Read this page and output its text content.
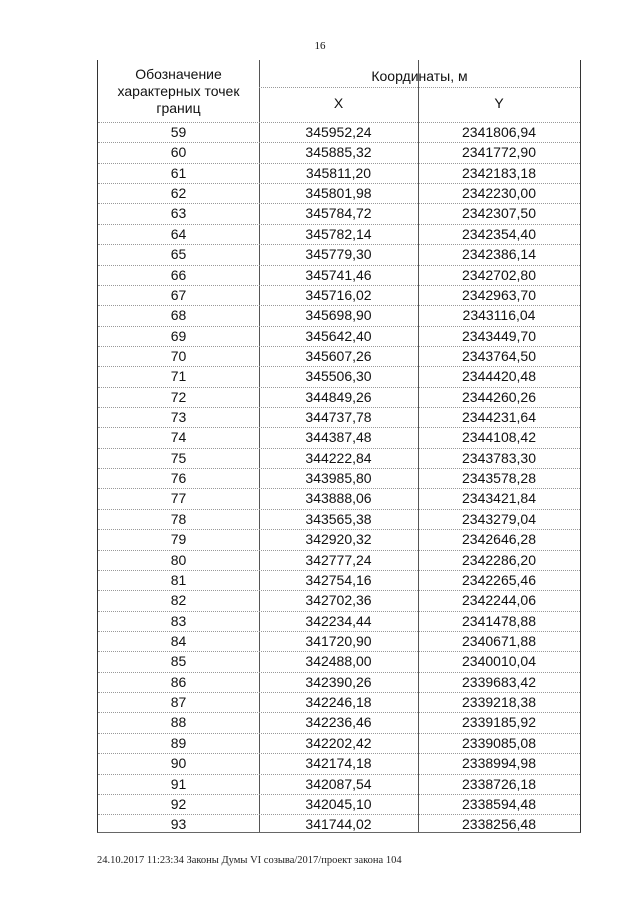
16
Обозначение характерных точек границ
Координаты, м
X	Y
59	345952,24	2341806,94
60	345885,32	2341772,90
61	345811,20	2342183,18
62	345801,98	2342230,00
63	345784,72	2342307,50
64	345782,14	2342354,40
65	345779,30	2342386,14
66	345741,46	2342702,80
67	345716,02	2342963,70
68	345698,90	2343116,04
69	345642,40	2343449,70
70	345607,26	2343764,50
71	345506,30	2344420,48
72	344849,26	2344260,26
73	344737,78	2344231,64
74	344387,48	2344108,42
75	344222,84	2343783,30
76	343985,80	2343578,28
77	343888,06	2343421,84
78	343565,38	2343279,04
79	342920,32	2342646,28
80	342777,24	2342286,20
81	342754,16	2342265,46
82	342702,36	2342244,06
83	342234,44	2341478,88
84	341720,90	2340671,88
85	342488,00	2340010,04
86	342390,26	2339683,42
87	342246,18	2339218,38
88	342236,46	2339185,92
89	342202,42	2339085,08
90	342174,18	2338994,98
91	342087,54	2338726,18
92	342045,10	2338594,48
93	341744,02	2338256,48
24.10.2017 11:23:34 Законы Думы VI созыва/2017/проект закона 104
